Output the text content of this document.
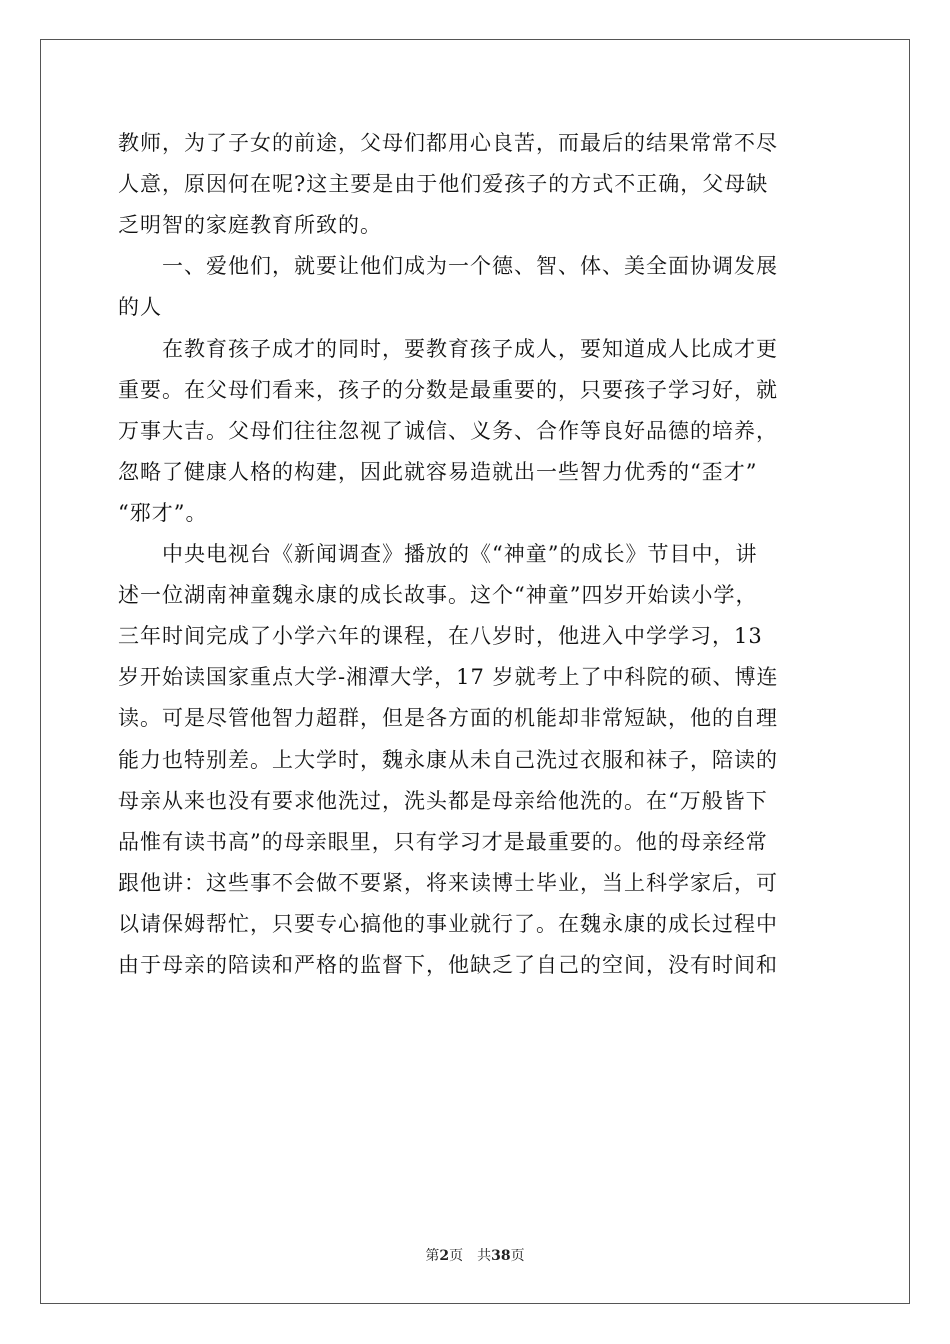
教师，为了子女的前途，父母们都用心良苦，而最后的结果常常不尽
人意，原因何在呢?这主要是由于他们爱孩子的方式不正确，父母缺
乏明智的家庭教育所致的。
　　一、爱他们，就要让他们成为一个德、智、体、美全面协调发展
的人
　　在教育孩子成才的同时，要教育孩子成人，要知道成人比成才更
重要。在父母们看来，孩子的分数是最重要的，只要孩子学习好，就
万事大吉。父母们往往忽视了诚信、义务、合作等良好品德的培养，
忽略了健康人格的构建，因此就容易造就出一些智力优秀的“歪才”
“邪才”。
　　中央电视台《新闻调查》播放的《“神童”的成长》节目中，讲
述一位湖南神童魏永康的成长故事。这个“神童”四岁开始读小学，
三年时间完成了小学六年的课程，在八岁时，他进入中学学习，13
岁开始读国家重点大学-湘潭大学，17 岁就考上了中科院的硕、博连
读。可是尽管他智力超群，但是各方面的机能却非常短缺，他的自理
能力也特别差。上大学时，魏永康从未自己洗过衣服和袜子，陪读的
母亲从来也没有要求他洗过，洗头都是母亲给他洗的。在“万般皆下
品惟有读书高”的母亲眼里，只有学习才是最重要的。他的母亲经常
跟他讲：这些事不会做不要紧，将来读博士毕业，当上科学家后，可
以请保姆帮忙，只要专心搞他的事业就行了。在魏永康的成长过程中
由于母亲的陪读和严格的监督下，他缺乏了自己的空间，没有时间和
第2页　共38页
